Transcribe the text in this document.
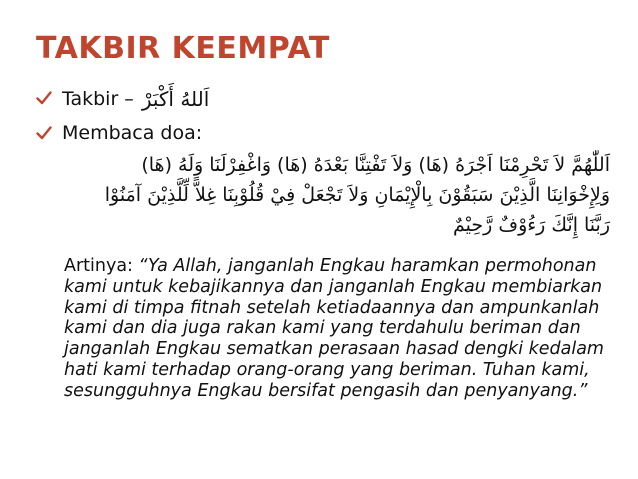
TAKBIR KEEMPAT
Takbir – اَللهُ أَكْبَرْ
Membaca doa:
اَللّٰهُمَّ لاَ تَحْرِمْنَا اَجْرَهُ (هَا) وَلاَ تَفْتِنَّا بَعْدَهُ (هَا) وَاغْفِرْلَنَا وَلَهُ (هَا)
وَلِإِخْوَانِنَا الَّذِيْنَ سَبَقُوْنَ بِالْإِيْمَانِ وَلاَ تَجْعَلْ فِيْ قُلُوْبِنَا غِلاًّ لِّلَّذِيْنَ آمَنُوْا
رَبَّنَا إِنَّكَ رَءُوْفٌ رَّحِيْمٌ
Artinya: “Ya Allah, janganlah Engkau haramkan permohonan kami untuk kebajikannya dan janganlah Engkau membiarkan kami di timpa fitnah setelah ketiadaannya dan ampunkanlah kami dan dia juga rakan kami yang terdahulu beriman dan janganlah Engkau sematkan perasaan hasad dengki kedalam hati kami terhadap orang-orang yang beriman. Tuhan kami, sesungguhnya Engkau bersifat pengasih dan penyanyang.”
